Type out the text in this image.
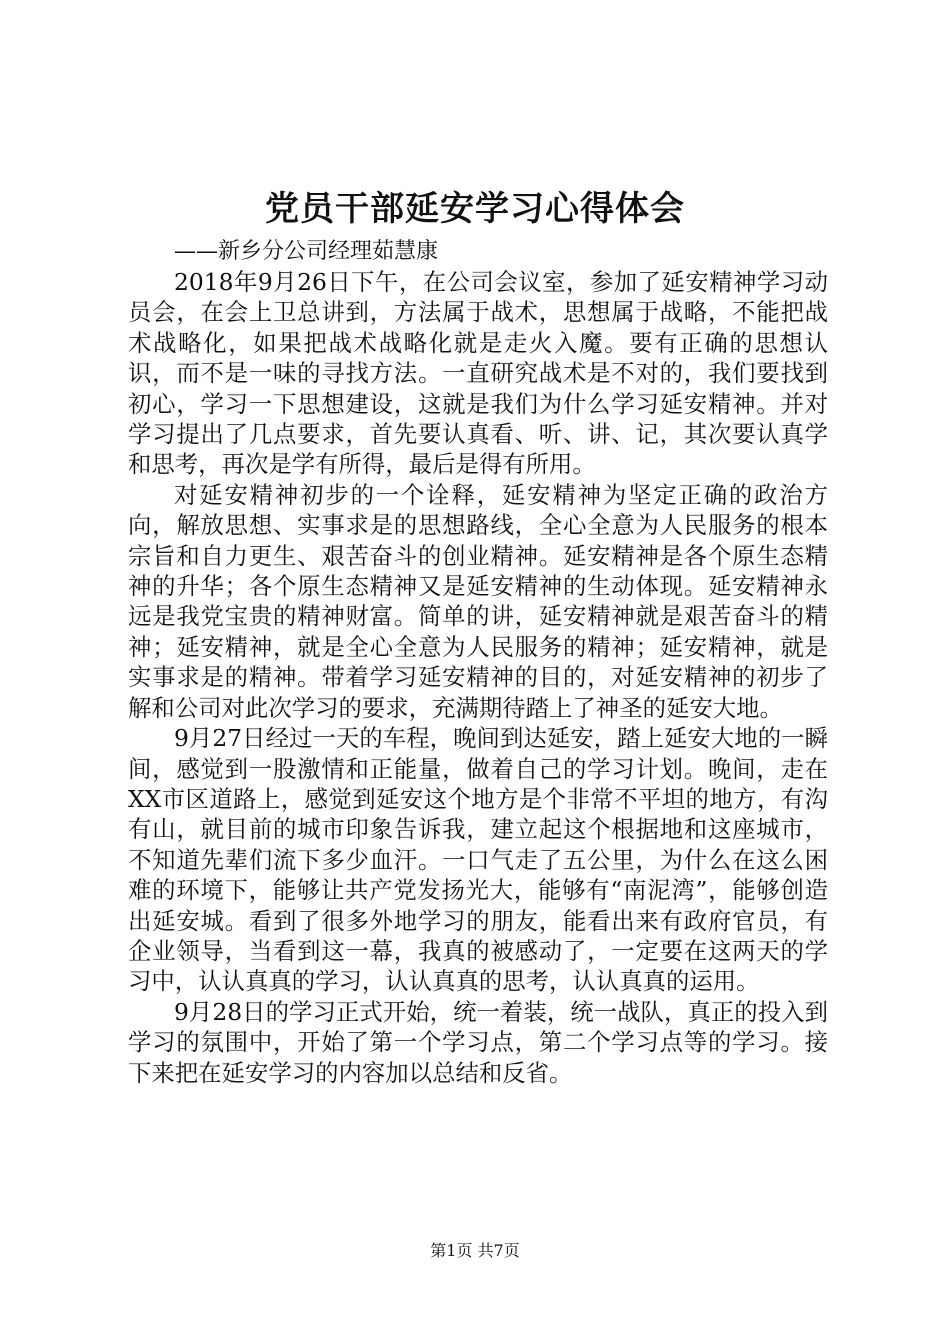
党员干部延安学习心得体会

——新乡分公司经理茹慧康

2018年9月26日下午，在公司会议室，参加了延安精神学习动员会，在会上卫总讲到，方法属于战术，思想属于战略，不能把战术战略化，如果把战术战略化就是走火入魔。要有正确的思想认识，而不是一味的寻找方法。一直研究战术是不对的，我们要找到初心，学习一下思想建设，这就是我们为什么学习延安精神。并对学习提出了几点要求，首先要认真看、听、讲、记，其次要认真学和思考，再次是学有所得，最后是得有所用。

对延安精神初步的一个诠释，延安精神为坚定正确的政治方向，解放思想、实事求是的思想路线，全心全意为人民服务的根本宗旨和自力更生、艰苦奋斗的创业精神。延安精神是各个原生态精神的升华；各个原生态精神又是延安精神的生动体现。延安精神永远是我党宝贵的精神财富。简单的讲，延安精神就是艰苦奋斗的精神；延安精神，就是全心全意为人民服务的精神；延安精神，就是实事求是的精神。带着学习延安精神的目的，对延安精神的初步了解和公司对此次学习的要求，充满期待踏上了神圣的延安大地。

9月27日经过一天的车程，晚间到达延安，踏上延安大地的一瞬间，感觉到一股激情和正能量，做着自己的学习计划。晚间，走在XX市区道路上，感觉到延安这个地方是个非常不平坦的地方，有沟有山，就目前的城市印象告诉我，建立起这个根据地和这座城市，不知道先辈们流下多少血汗。一口气走了五公里，为什么在这么困难的环境下，能够让共产党发扬光大，能够有“南泥湾”，能够创造出延安城。看到了很多外地学习的朋友，能看出来有政府官员，有企业领导，当看到这一幕，我真的被感动了，一定要在这两天的学习中，认认真真的学习，认认真真的思考，认认真真的运用。

9月28日的学习正式开始，统一着装，统一战队，真正的投入到学习的氛围中，开始了第一个学习点，第二个学习点等的学习。接下来把在延安学习的内容加以总结和反省。

第1页 共7页
